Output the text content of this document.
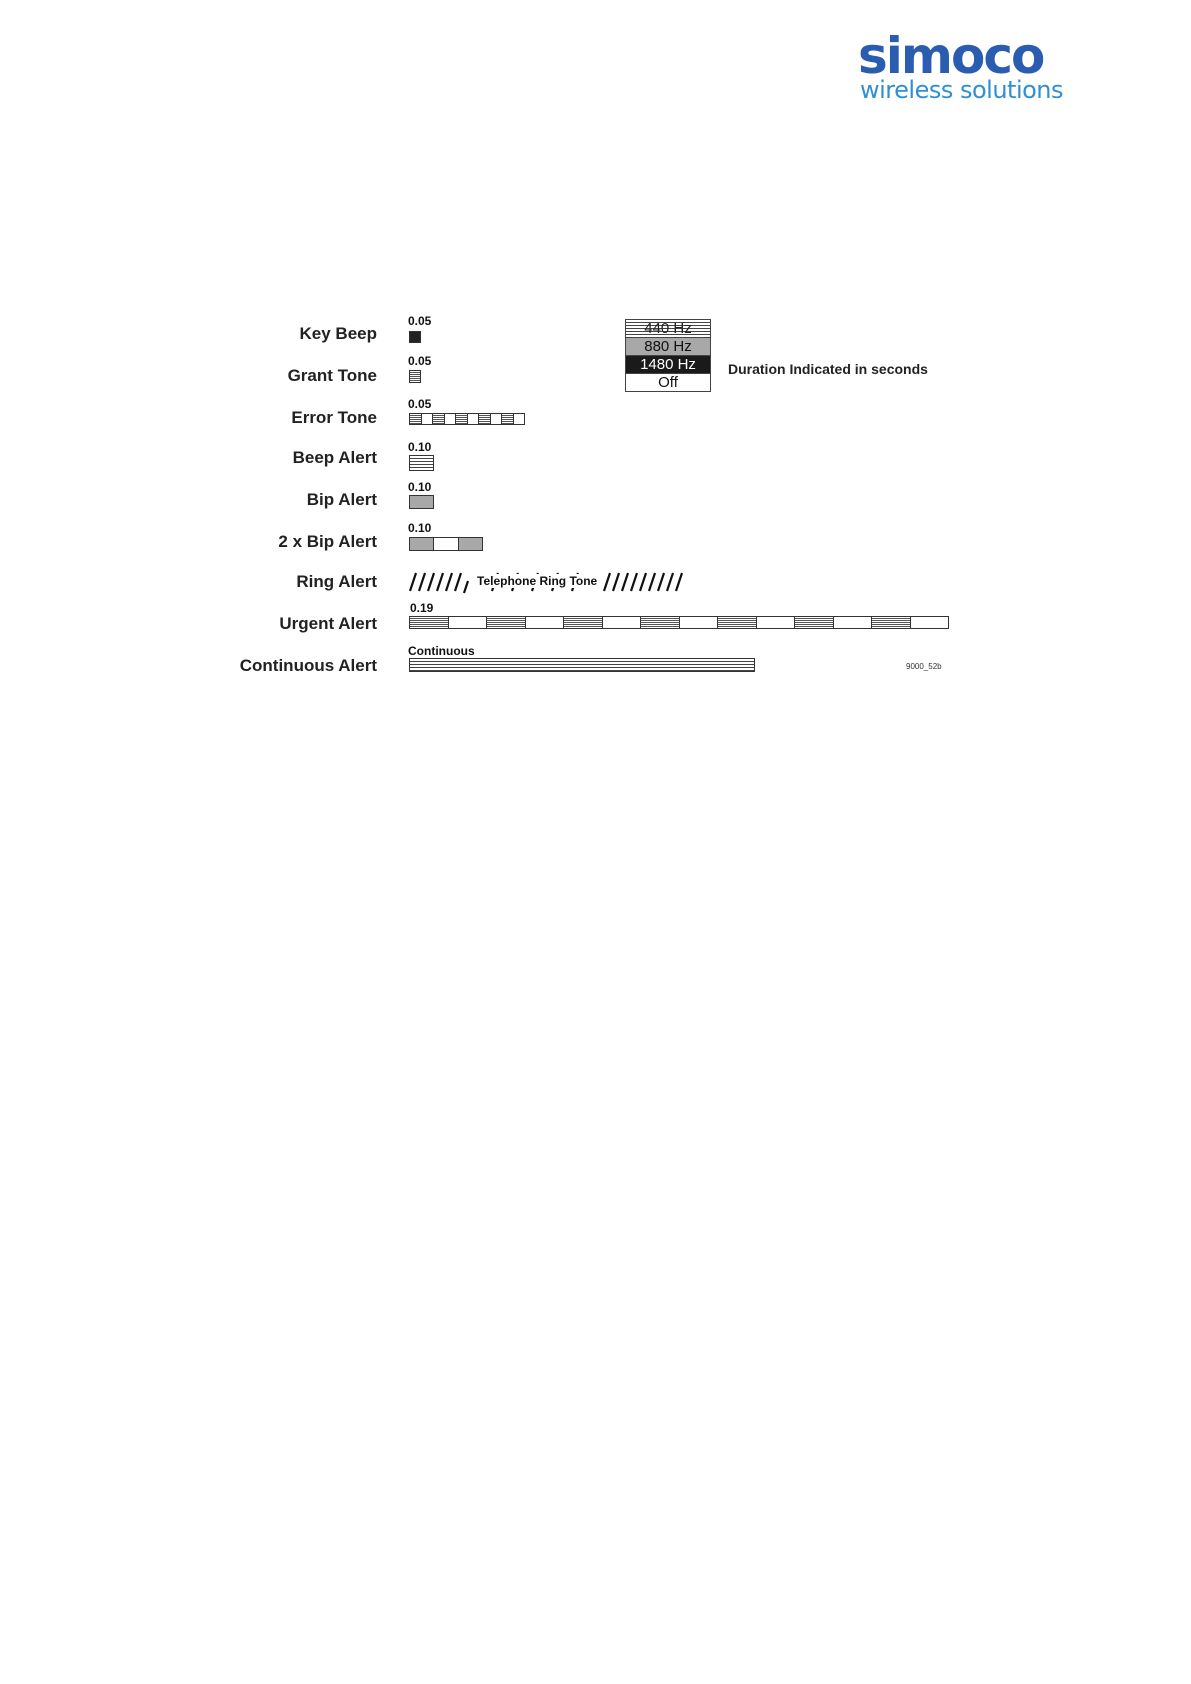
simoco
wireless solutions
Key Beep
Grant Tone
Error Tone
Beep Alert
Bip Alert
2 x Bip Alert
Ring Alert
Urgent Alert
Continuous Alert
0.05
0.05
0.05
0.10
0.10
0.10
0.19
Continuous
Telephone Ring Tone
440 Hz
880 Hz
1480 Hz
Off
Duration Indicated in seconds
9000_52b
